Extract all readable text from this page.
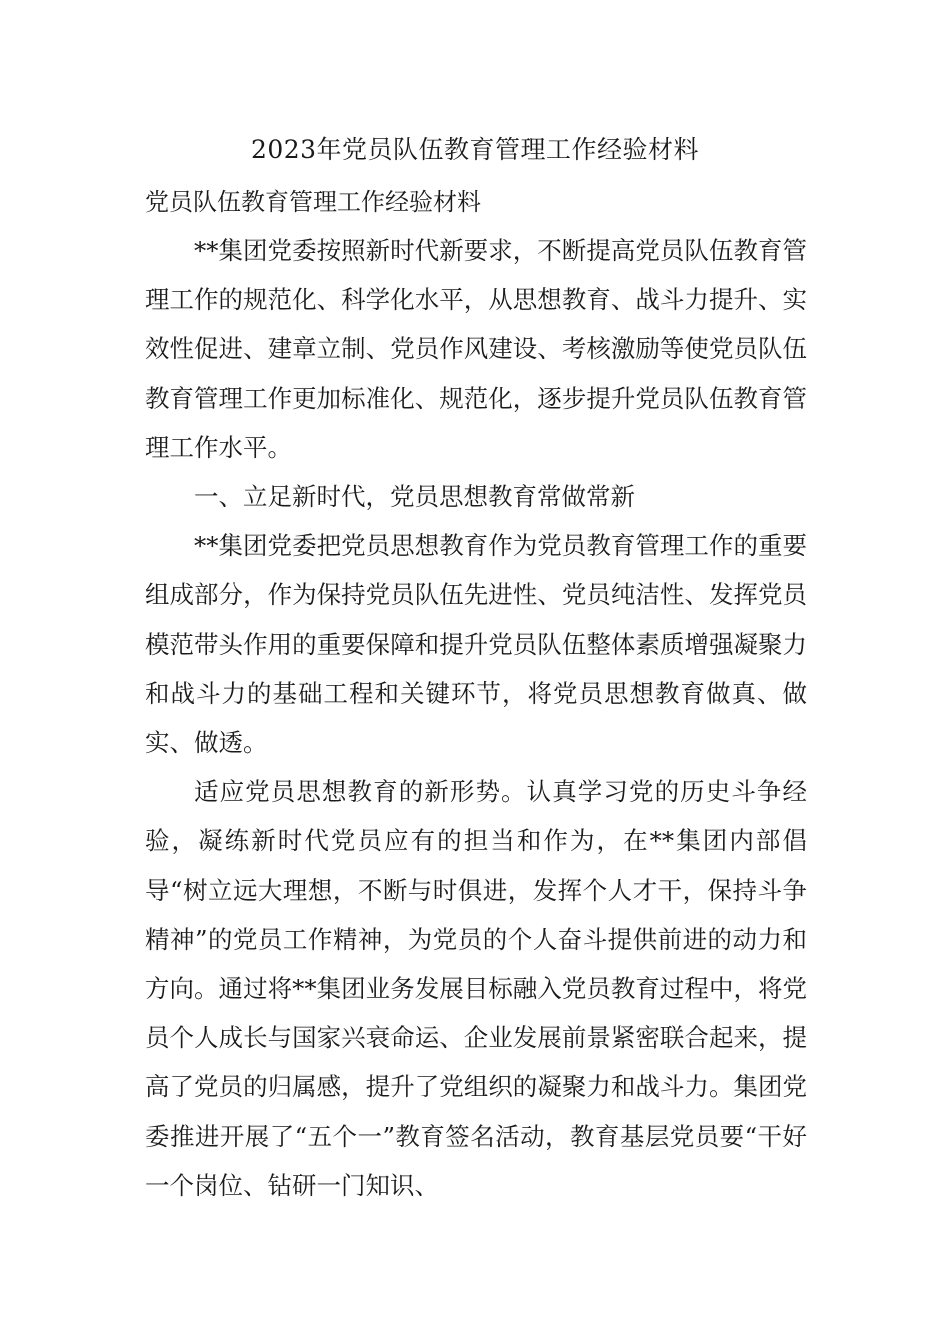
2023年党员队伍教育管理工作经验材料
党员队伍教育管理工作经验材料

**集团党委按照新时代新要求，不断提高党员队伍教育管理工作的规范化、科学化水平，从思想教育、战斗力提升、实效性促进、建章立制、党员作风建设、考核激励等使党员队伍教育管理工作更加标准化、规范化，逐步提升党员队伍教育管理工作水平。

一、立足新时代，党员思想教育常做常新

**集团党委把党员思想教育作为党员教育管理工作的重要组成部分，作为保持党员队伍先进性、党员纯洁性、发挥党员模范带头作用的重要保障和提升党员队伍整体素质增强凝聚力和战斗力的基础工程和关键环节，将党员思想教育做真、做实、做透。

适应党员思想教育的新形势。认真学习党的历史斗争经验，凝练新时代党员应有的担当和作为，在**集团内部倡导“树立远大理想，不断与时俱进，发挥个人才干，保持斗争精神”的党员工作精神，为党员的个人奋斗提供前进的动力和方向。通过将**集团业务发展目标融入党员教育过程中，将党员个人成长与国家兴衰命运、企业发展前景紧密联合起来，提高了党员的归属感，提升了党组织的凝聚力和战斗力。集团党委推进开展了“五个一”教育签名活动，教育基层党员要“干好一个岗位、钻研一门知识、
